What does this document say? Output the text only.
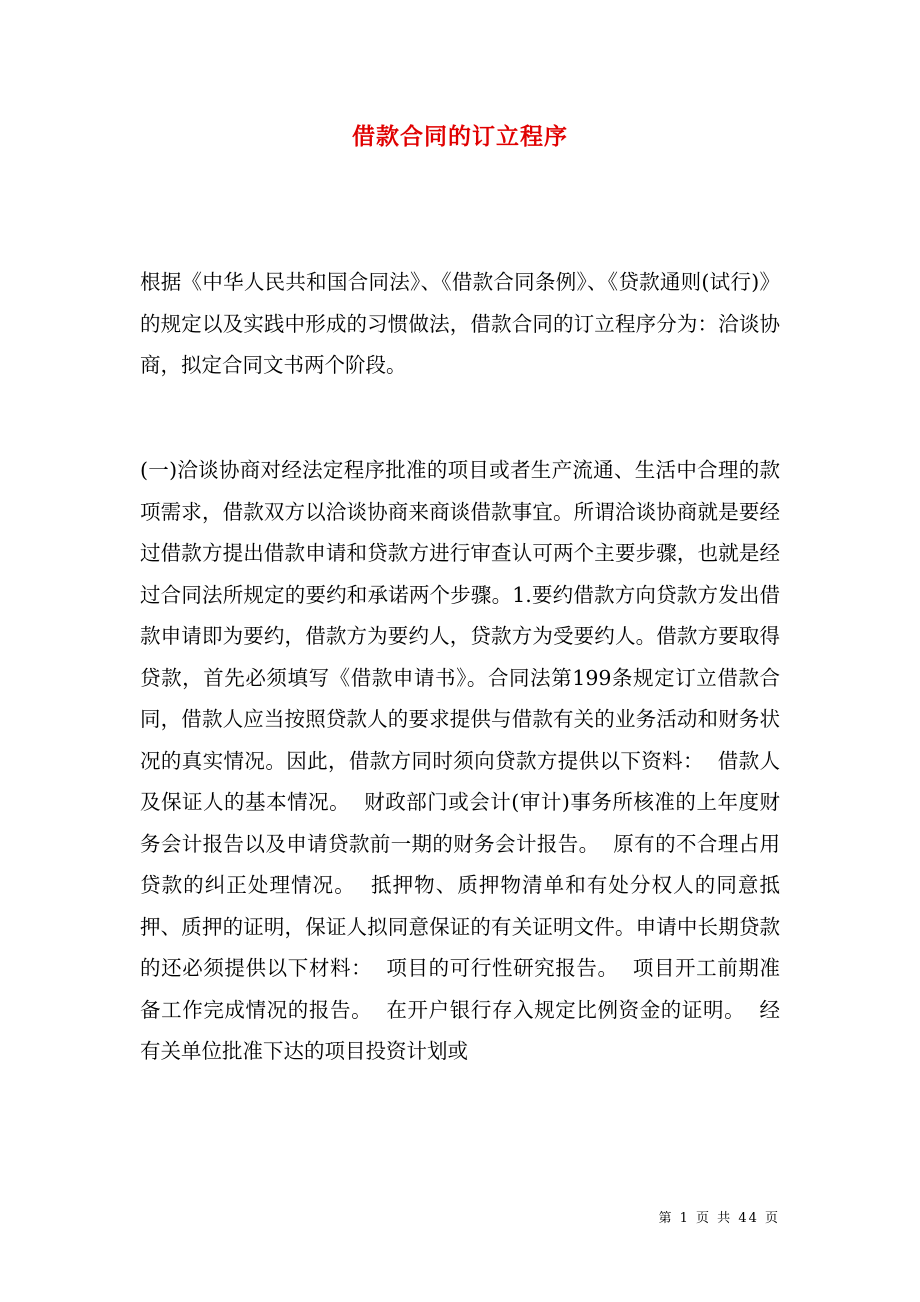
借款合同的订立程序
根据《中华人民共和国合同法》、《借款合同条例》、《贷款通则(试行)》的规定以及实践中形成的习惯做法，借款合同的订立程序分为：洽谈协商，拟定合同文书两个阶段。
(一)洽谈协商对经法定程序批准的项目或者生产流通、生活中合理的款项需求，借款双方以洽谈协商来商谈借款事宜。所谓洽谈协商就是要经过借款方提出借款申请和贷款方进行审查认可两个主要步骤，也就是经过合同法所规定的要约和承诺两个步骤。1.要约借款方向贷款方发出借款申请即为要约，借款方为要约人，贷款方为受要约人。借款方要取得贷款，首先必须填写《借款申请书》。合同法第199条规定订立借款合同，借款人应当按照贷款人的要求提供与借款有关的业务活动和财务状况的真实情况。因此，借款方同时须向贷款方提供以下资料：  借款人及保证人的基本情况。  财政部门或会计(审计)事务所核准的上年度财务会计报告以及申请贷款前一期的财务会计报告。  原有的不合理占用贷款的纠正处理情况。  抵押物、质押物清单和有处分权人的同意抵押、质押的证明，保证人拟同意保证的有关证明文件。申请中长期贷款的还必须提供以下材料：  项目的可行性研究报告。  项目开工前期准备工作完成情况的报告。  在开户银行存入规定比例资金的证明。  经有关单位批准下达的项目投资计划或
第 1 页 共 44 页
